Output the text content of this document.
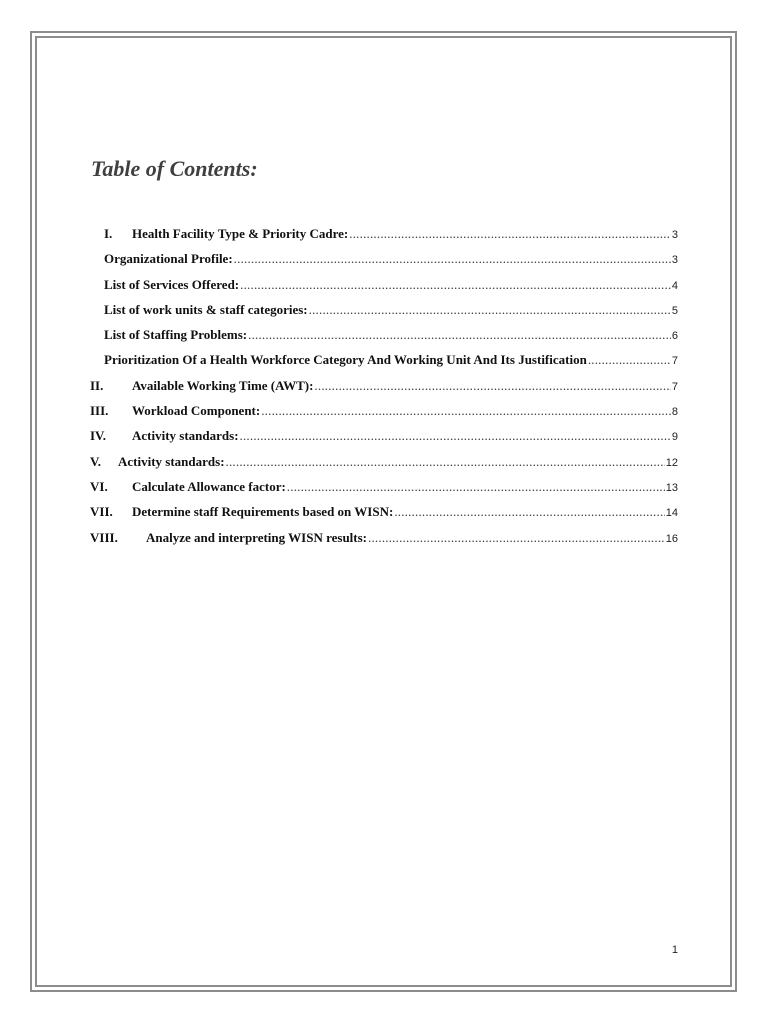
Table of Contents:
I.	Health Facility Type & Priority Cadre: .....	3
Organizational Profile: .....	3
List of Services Offered: .....	4
List of work units & staff categories: .....	5
List of Staffing Problems: .....	6
Prioritization Of a Health Workforce Category And Working Unit And Its Justification .....	7
II.	Available Working Time (AWT): .....	7
III.	Workload Component: .....	8
IV.	Activity standards: .....	9
V.	Activity standards: .....	12
VI.	Calculate Allowance factor: .....	13
VII.	Determine staff Requirements based on WISN: .....	14
VIII.	Analyze and interpreting WISN results: .....	16
1
